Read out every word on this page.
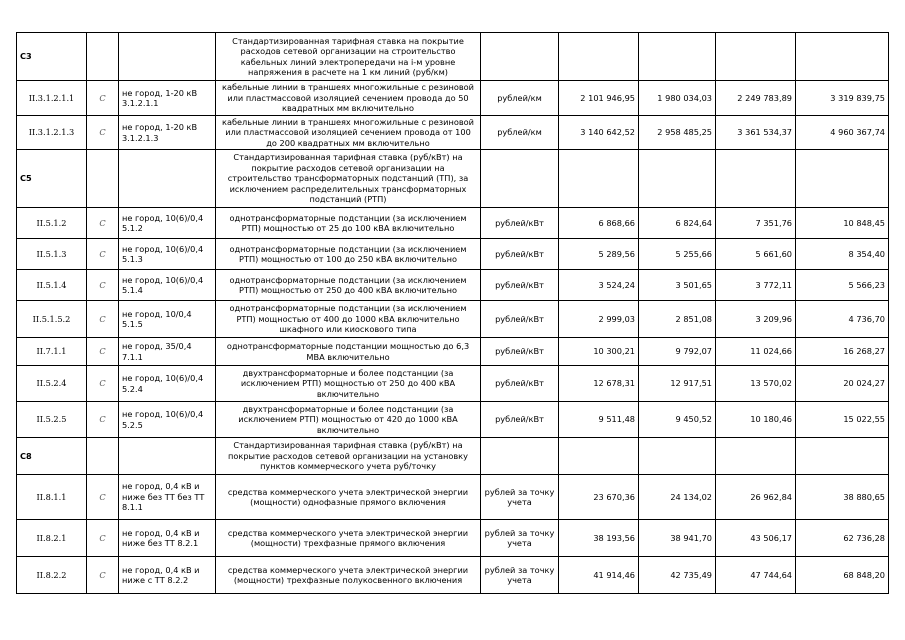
С3			Стандартизированная тарифная ставка на покрытие расходов сетевой организации на строительство кабельных линий электропередачи на i-м уровне напряжения в расчете на 1 км линий (руб/км)					
II.3.1.2.1.1	C	не город, 1-20 кВ 3.1.2.1.1	кабельные линии в траншеях многожильные с резиновой или пластмассовой изоляцией сечением провода до 50 квадратных мм включительно	рублей/км	2 101 946,95	1 980 034,03	2 249 783,89	3 319 839,75
II.3.1.2.1.3	C	не город, 1-20 кВ 3.1.2.1.3	кабельные линии в траншеях многожильные с резиновой или пластмассовой изоляцией сечением провода от 100 до 200 квадратных мм включительно	рублей/км	3 140 642,52	2 958 485,25	3 361 534,37	4 960 367,74
С5			Стандартизированная тарифная ставка (руб/кВт) на покрытие расходов сетевой организации на строительство трансформаторных подстанций (ТП), за исключением распределительных трансформаторных подстанций (РТП)					
II.5.1.2	C	не город, 10(6)/0,4 5.1.2	однотрансформаторные подстанции (за исключением РТП) мощностью от 25 до 100 кВА включительно	рублей/кВт	6 868,66	6 824,64	7 351,76	10 848,45
II.5.1.3	C	не город, 10(6)/0,4 5.1.3	однотрансформаторные подстанции (за исключением РТП) мощностью от 100 до 250 кВА включительно	рублей/кВт	5 289,56	5 255,66	5 661,60	8 354,40
II.5.1.4	C	не город, 10(6)/0,4 5.1.4	однотрансформаторные подстанции (за исключением РТП) мощностью от 250 до 400 кВА включительно	рублей/кВт	3 524,24	3 501,65	3 772,11	5 566,23
II.5.1.5.2	C	не город, 10/0,4 5.1.5	однотрансформаторные подстанции (за исключением РТП) мощностью от 400 до 1000 кВА включительно шкафного или киоскового типа	рублей/кВт	2 999,03	2 851,08	3 209,96	4 736,70
II.7.1.1	C	не город, 35/0,4 7.1.1	однотрансформаторные подстанции мощностью до 6,3 МВА включительно	рублей/кВт	10 300,21	9 792,07	11 024,66	16 268,27
II.5.2.4	C	не город, 10(6)/0,4 5.2.4	двухтрансформаторные и более подстанции (за исключением РТП) мощностью от 250 до 400 кВА включительно	рублей/кВт	12 678,31	12 917,51	13 570,02	20 024,27
II.5.2.5	C	не город, 10(6)/0,4 5.2.5	двухтрансформаторные и более подстанции (за исключением РТП) мощностью от 420 до 1000 кВА включительно	рублей/кВт	9 511,48	9 450,52	10 180,46	15 022,55
С8			Стандартизированная тарифная ставка (руб/кВт) на покрытие расходов сетевой организации на установку пунктов коммерческого учета руб/точку					
II.8.1.1	C	не город, 0,4 кВ и ниже без ТТ без ТТ 8.1.1	средства коммерческого учета электрической энергии (мощности) однофазные прямого включения	рублей за точку учета	23 670,36	24 134,02	26 962,84	38 880,65
II.8.2.1	C	не город, 0,4 кВ и ниже без ТТ 8.2.1	средства коммерческого учета электрической энергии (мощности) трехфазные прямого включения	рублей за точку учета	38 193,56	38 941,70	43 506,17	62 736,28
II.8.2.2	C	не город, 0,4 кВ и ниже с ТТ 8.2.2	средства коммерческого учета электрической энергии (мощности) трехфазные полукосвенного включения	рублей за точку учета	41 914,46	42 735,49	47 744,64	68 848,20
